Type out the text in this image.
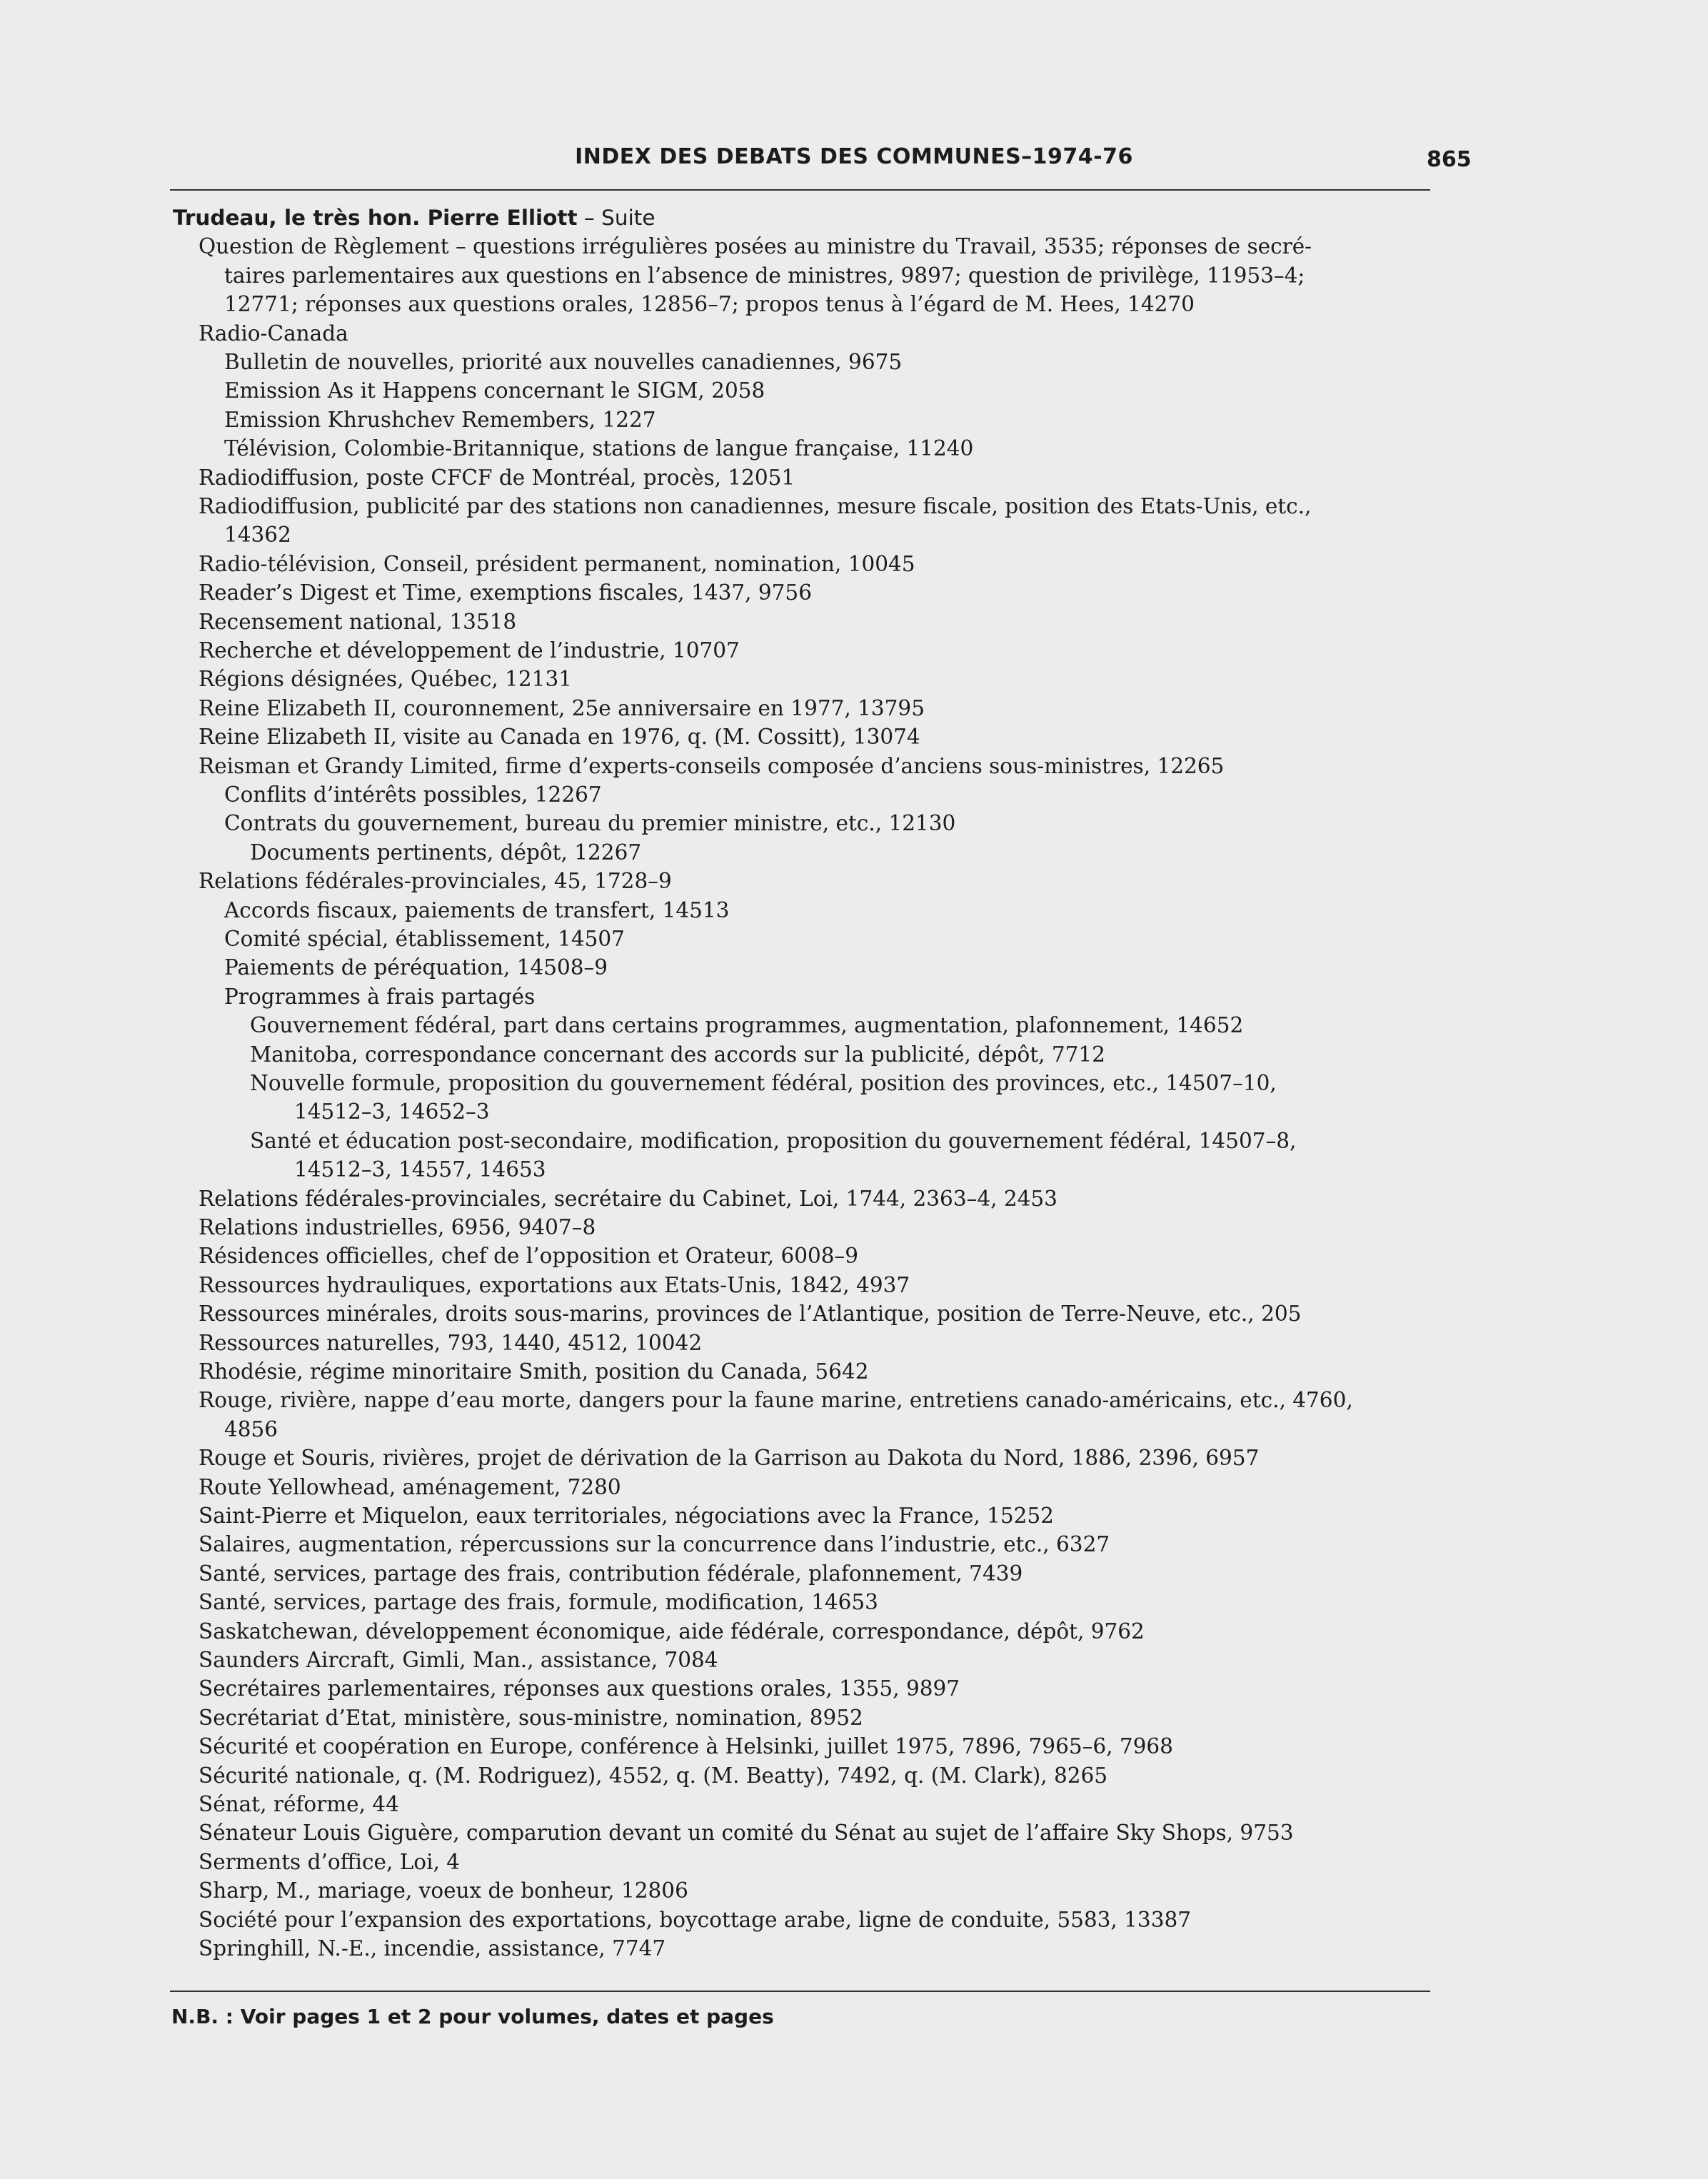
INDEX DES DEBATS DES COMMUNES–1974-76	865
Trudeau, le très hon. Pierre Elliott – Suite
Question de Règlement – questions irrégulières posées au ministre du Travail, 3535; réponses de secré-
taires parlementaires aux questions en l’absence de ministres, 9897; question de privilège, 11953–4;
12771; réponses aux questions orales, 12856–7; propos tenus à l’égard de M. Hees, 14270
Radio-Canada
Bulletin de nouvelles, priorité aux nouvelles canadiennes, 9675
Emission As it Happens concernant le SIGM, 2058
Emission Khrushchev Remembers, 1227
Télévision, Colombie-Britannique, stations de langue française, 11240
Radiodiffusion, poste CFCF de Montréal, procès, 12051
Radiodiffusion, publicité par des stations non canadiennes, mesure fiscale, position des Etats-Unis, etc.,
14362
Radio-télévision, Conseil, président permanent, nomination, 10045
Reader’s Digest et Time, exemptions fiscales, 1437, 9756
Recensement national, 13518
Recherche et développement de l’industrie, 10707
Régions désignées, Québec, 12131
Reine Elizabeth II, couronnement, 25e anniversaire en 1977, 13795
Reine Elizabeth II, visite au Canada en 1976, q. (M. Cossitt), 13074
Reisman et Grandy Limited, firme d’experts-conseils composée d’anciens sous-ministres, 12265
Conflits d’intérêts possibles, 12267
Contrats du gouvernement, bureau du premier ministre, etc., 12130
Documents pertinents, dépôt, 12267
Relations fédérales-provinciales, 45, 1728–9
Accords fiscaux, paiements de transfert, 14513
Comité spécial, établissement, 14507
Paiements de péréquation, 14508–9
Programmes à frais partagés
Gouvernement fédéral, part dans certains programmes, augmentation, plafonnement, 14652
Manitoba, correspondance concernant des accords sur la publicité, dépôt, 7712
Nouvelle formule, proposition du gouvernement fédéral, position des provinces, etc., 14507–10,
14512–3, 14652–3
Santé et éducation post-secondaire, modification, proposition du gouvernement fédéral, 14507–8,
14512–3, 14557, 14653
Relations fédérales-provinciales, secrétaire du Cabinet, Loi, 1744, 2363–4, 2453
Relations industrielles, 6956, 9407–8
Résidences officielles, chef de l’opposition et Orateur, 6008–9
Ressources hydrauliques, exportations aux Etats-Unis, 1842, 4937
Ressources minérales, droits sous-marins, provinces de l’Atlantique, position de Terre-Neuve, etc., 205
Ressources naturelles, 793, 1440, 4512, 10042
Rhodésie, régime minoritaire Smith, position du Canada, 5642
Rouge, rivière, nappe d’eau morte, dangers pour la faune marine, entretiens canado-américains, etc., 4760,
4856
Rouge et Souris, rivières, projet de dérivation de la Garrison au Dakota du Nord, 1886, 2396, 6957
Route Yellowhead, aménagement, 7280
Saint-Pierre et Miquelon, eaux territoriales, négociations avec la France, 15252
Salaires, augmentation, répercussions sur la concurrence dans l’industrie, etc., 6327
Santé, services, partage des frais, contribution fédérale, plafonnement, 7439
Santé, services, partage des frais, formule, modification, 14653
Saskatchewan, développement économique, aide fédérale, correspondance, dépôt, 9762
Saunders Aircraft, Gimli, Man., assistance, 7084
Secrétaires parlementaires, réponses aux questions orales, 1355, 9897
Secrétariat d’Etat, ministère, sous-ministre, nomination, 8952
Sécurité et coopération en Europe, conférence à Helsinki, juillet 1975, 7896, 7965–6, 7968
Sécurité nationale, q. (M. Rodriguez), 4552, q. (M. Beatty), 7492, q. (M. Clark), 8265
Sénat, réforme, 44
Sénateur Louis Giguère, comparution devant un comité du Sénat au sujet de l’affaire Sky Shops, 9753
Serments d’office, Loi, 4
Sharp, M., mariage, voeux de bonheur, 12806
Société pour l’expansion des exportations, boycottage arabe, ligne de conduite, 5583, 13387
Springhill, N.-E., incendie, assistance, 7747
N.B. : Voir pages 1 et 2 pour volumes, dates et pages
